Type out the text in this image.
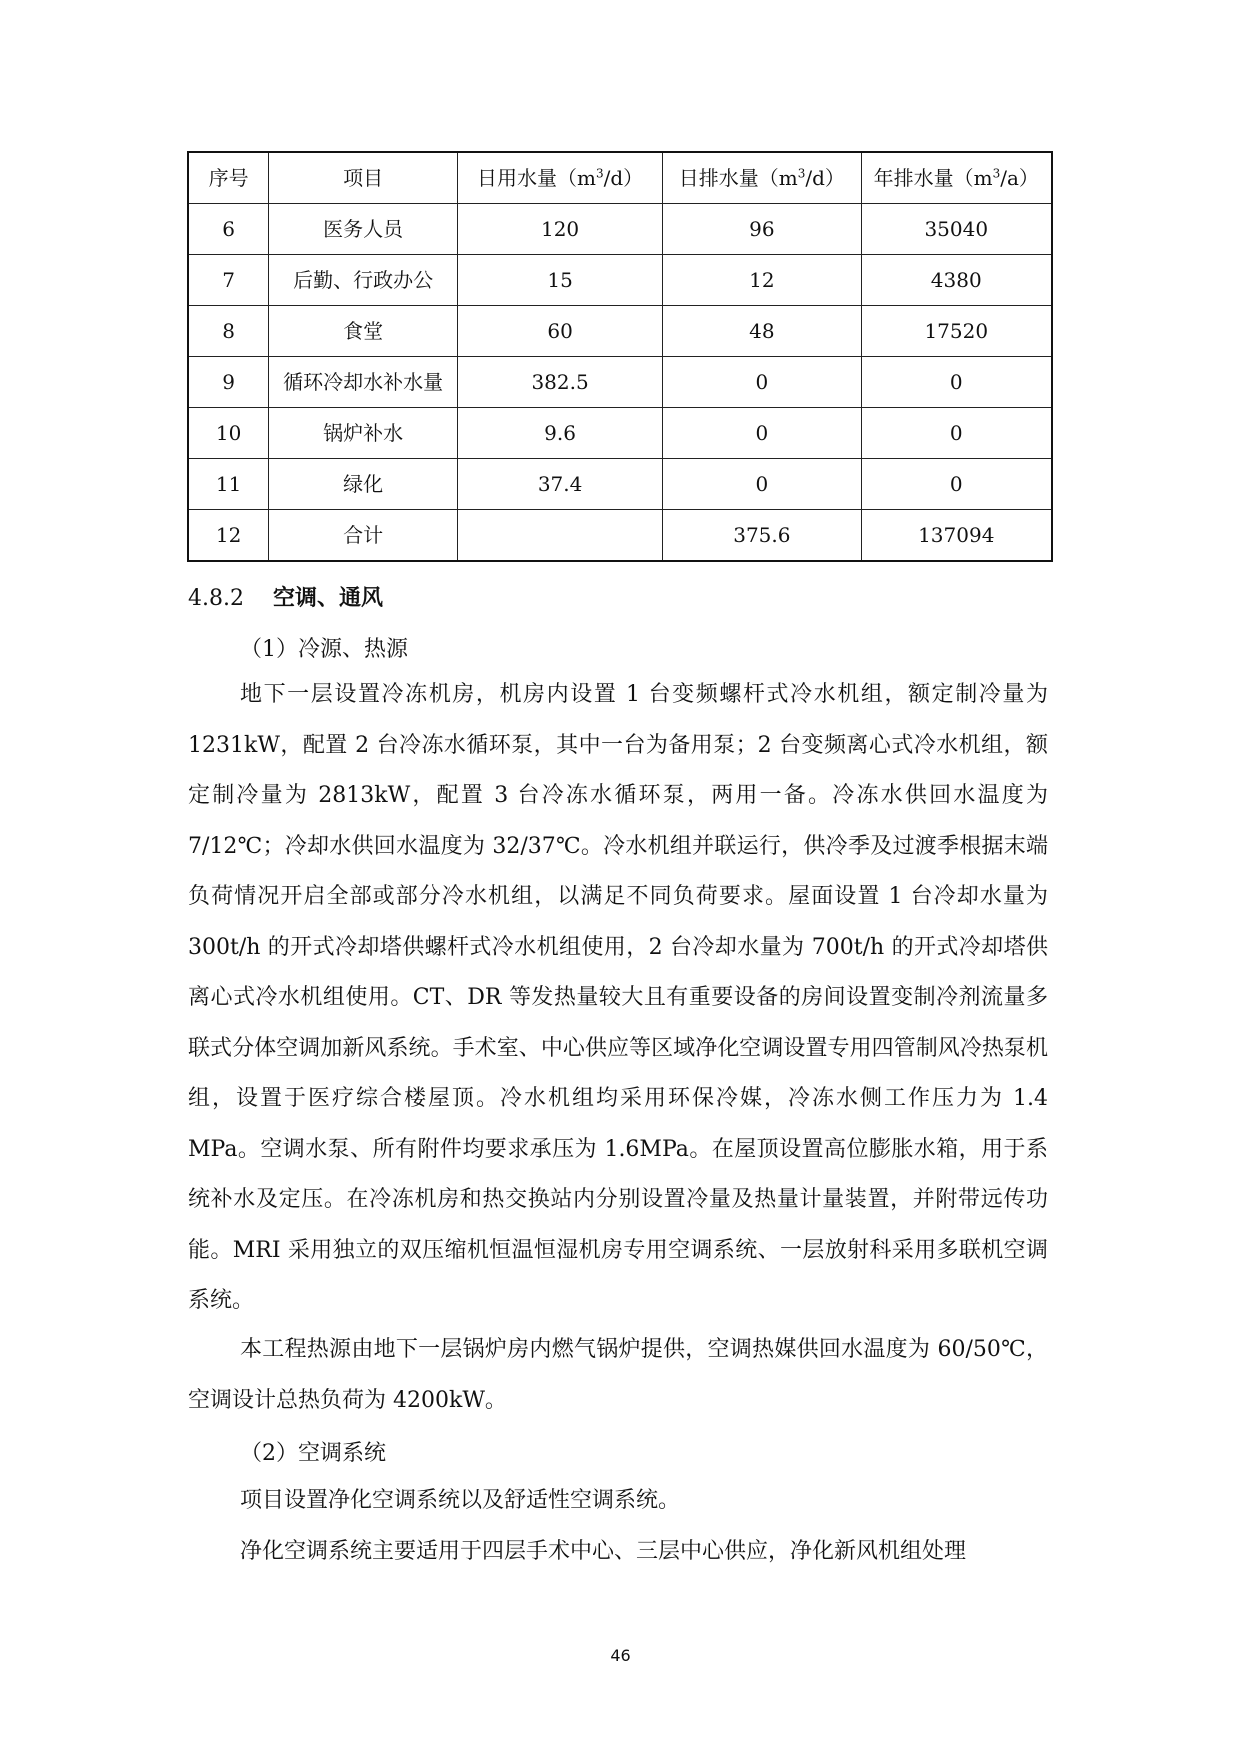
序号	项目	日用水量$(m^3/d)$	日排水量$(m^3/d)$	年排水量$(m^3/a)$
6	医务人员	120	96	35040
7	后勤、行政办公	15	12	4380
8	食堂	60	48	17520
9	循环冷却水补水量	382.5	0	0
10	锅炉补水	9.6	0	0
11	绿化	37.4	0	0
12	合计		375.6	137094
4.8.2	空调、通风
（1）冷源、热源

地下一层设置冷冻机房，机房内设置 1 台变频螺杆式冷水机组，额定制冷量为 1231kW，配置 2 台冷冻水循环泵，其中一台为备用泵；2 台变频离心式冷水机组，额定制冷量为 2813kW，配置 3 台冷冻水循环泵，两用一备。冷冻水供回水温度为 7/12℃；冷却水供回水温度为 32/37℃。冷水机组并联运行，供冷季及过渡季根据末端负荷情况开启全部或部分冷水机组，以满足不同负荷要求。屋面设置 1 台冷却水量为 300t/h 的开式冷却塔供螺杆式冷水机组使用，2 台冷却水量为 700t/h 的开式冷却塔供离心式冷水机组使用。CT、DR 等发热量较大且有重要设备的房间设置变制冷剂流量多联式分体空调加新风系统。手术室、中心供应等区域净化空调设置专用四管制风冷热泵机组，设置于医疗综合楼屋顶。冷水机组均采用环保冷媒，冷冻水侧工作压力为 1.4 MPa。空调水泵、所有附件均要求承压为 1.6MPa。在屋顶设置高位膨胀水箱，用于系统补水及定压。在冷冻机房和热交换站内分别设置冷量及热量计量装置，并附带远传功能。MRI 采用独立的双压缩机恒温恒湿机房专用空调系统、一层放射科采用多联机空调系统。

本工程热源由地下一层锅炉房内燃气锅炉提供，空调热媒供回水温度为 60/50℃，空调设计总热负荷为 4200kW。

（2）空调系统

项目设置净化空调系统以及舒适性空调系统。

净化空调系统主要适用于四层手术中心、三层中心供应，净化新风机组处理

46
